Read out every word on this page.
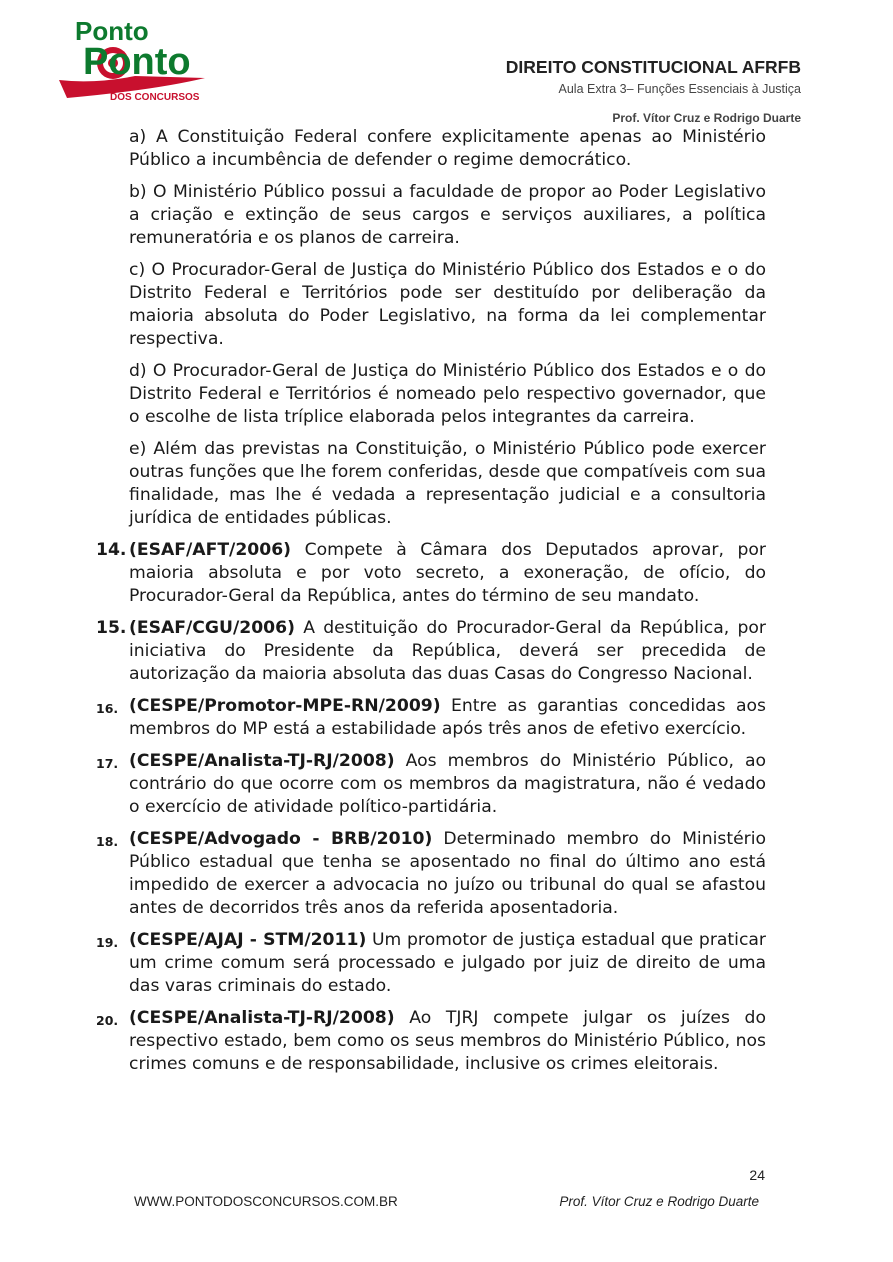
Ponto
Ponto
DOS CONCURSOS
DIREITO CONSTITUCIONAL AFRFB
Aula Extra 3– Funções Essenciais à Justiça
Prof. Vítor Cruz e Rodrigo Duarte

a) A Constituição Federal confere explicitamente apenas ao Ministério Público a incumbência de defender o regime democrático.

b) O Ministério Público possui a faculdade de propor ao Poder Legislativo a criação e extinção de seus cargos e serviços auxiliares, a política remuneratória e os planos de carreira.

c) O Procurador-Geral de Justiça do Ministério Público dos Estados e o do Distrito Federal e Territórios pode ser destituído por deliberação da maioria absoluta do Poder Legislativo, na forma da lei complementar respectiva.

d) O Procurador-Geral de Justiça do Ministério Público dos Estados e o do Distrito Federal e Territórios é nomeado pelo respectivo governador, que o escolhe de lista tríplice elaborada pelos integrantes da carreira.

e) Além das previstas na Constituição, o Ministério Público pode exercer outras funções que lhe forem conferidas, desde que compatíveis com sua finalidade, mas lhe é vedada a representação judicial e a consultoria jurídica de entidades públicas.

14. (ESAF/AFT/2006) Compete à Câmara dos Deputados aprovar, por maioria absoluta e por voto secreto, a exoneração, de ofício, do Procurador-Geral da República, antes do término de seu mandato.
15. (ESAF/CGU/2006) A destituição do Procurador-Geral da República, por iniciativa do Presidente da República, deverá ser precedida de autorização da maioria absoluta das duas Casas do Congresso Nacional.
16. (CESPE/Promotor-MPE-RN/2009) Entre as garantias concedidas aos membros do MP está a estabilidade após três anos de efetivo exercício.
17. (CESPE/Analista-TJ-RJ/2008) Aos membros do Ministério Público, ao contrário do que ocorre com os membros da magistratura, não é vedado o exercício de atividade político-partidária.
18. (CESPE/Advogado - BRB/2010) Determinado membro do Ministério Público estadual que tenha se aposentado no final do último ano está impedido de exercer a advocacia no juízo ou tribunal do qual se afastou antes de decorridos três anos da referida aposentadoria.
19. (CESPE/AJAJ - STM/2011) Um promotor de justiça estadual que praticar um crime comum será processado e julgado por juiz de direito de uma das varas criminais do estado.
20. (CESPE/Analista-TJ-RJ/2008) Ao TJRJ compete julgar os juízes do respectivo estado, bem como os seus membros do Ministério Público, nos crimes comuns e de responsabilidade, inclusive os crimes eleitorais.
24
WWW.PONTODOSCONCURSOS.COM.BR	Prof. Vítor Cruz e Rodrigo Duarte
